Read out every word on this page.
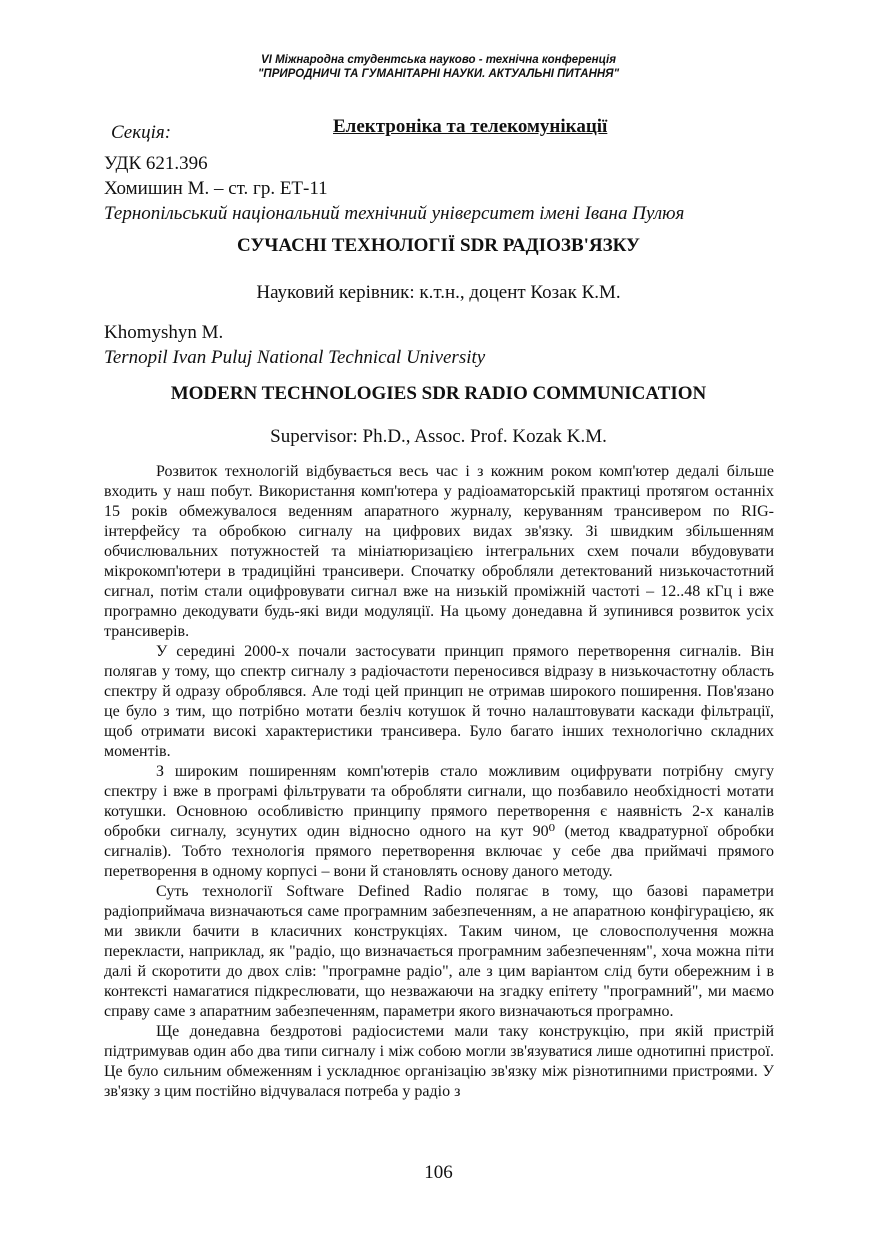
VI Міжнародна студентська науково - технічна конференція
"ПРИРОДНИЧІ ТА ГУМАНІТАРНІ НАУКИ. АКТУАЛЬНІ ПИТАННЯ"
Секція:	Електроніка та телекомунікації
УДК 621.396
Хомишин М. – ст. гр. ЕТ-11
Тернопільський національний технічний університет імені Івана Пулюя
СУЧАСНІ ТЕХНОЛОГІЇ SDR РАДІОЗВ'ЯЗКУ
Науковий керівник: к.т.н., доцент Козак К.М.
Khomyshyn M.
Ternopil Ivan Puluj National Technical University
MODERN TECHNOLOGIES SDR RADIO COMMUNICATION
Supervisor: Ph.D., Assoc. Prof. Kozak K.M.

Розвиток технологій відбувається весь час і з кожним роком комп'ютер дедалі більше входить у наш побут. Використання комп'ютера у радіоаматорській практиці протягом останніх 15 років обмежувалося веденням апаратного журналу, керуванням трансивером по RIG-інтерфейсу та обробкою сигналу на цифрових видах зв'язку. Зі швидким збільшенням обчислювальних потужностей та мініатюризацією інтегральних схем почали вбудовувати мікрокомп'ютери в традиційні трансивери. Спочатку обробляли детектований низькочастотний сигнал, потім стали оцифровувати сигнал вже на низькій проміжній частоті – 12..48 кГц і вже програмно декодувати будь-які види модуляції. На цьому донедавна й зупинився розвиток усіх трансиверів.

У середині 2000-х почали застосувати принцип прямого перетворення сигналів. Він полягав у тому, що спектр сигналу з радіочастоти переносився відразу в низькочастотну область спектру й одразу оброблявся. Але тоді цей принцип не отримав широкого поширення. Пов'язано це було з тим, що потрібно мотати безліч котушок й точно налаштовувати каскади фільтрації, щоб отримати високі характеристики трансивера. Було багато інших технологічно складних моментів.

З широким поширенням комп'ютерів стало можливим оцифрувати потрібну смугу спектру і вже в програмі фільтрувати та обробляти сигнали, що позбавило необхідності мотати котушки. Основною особливістю принципу прямого перетворення є наявність 2-х каналів обробки сигналу, зсунутих один відносно одного на кут 90⁰ (метод квадратурної обробки сигналів). Тобто технологія прямого перетворення включає у себе два приймачі прямого перетворення в одному корпусі – вони й становлять основу даного методу.

Суть технології Software Defined Radio полягає в тому, що базові параметри радіоприймача визначаються саме програмним забезпеченням, а не апаратною конфігурацією, як ми звикли бачити в класичних конструкціях. Таким чином, це словосполучення можна перекласти, наприклад, як "радіо, що визначається програмним забезпеченням", хоча можна піти далі й скоротити до двох слів: "програмне радіо", але з цим варіантом слід бути обережним і в контексті намагатися підкреслювати, що незважаючи на згадку епітету "програмний", ми маємо справу саме з апаратним забезпеченням, параметри якого визначаються програмно.

Ще донедавна бездротові радіосистеми мали таку конструкцію, при якій пристрій підтримував один або два типи сигналу і між собою могли зв'язуватися лише однотипні пристрої. Це було сильним обмеженням і ускладнює організацію зв'язку між різнотипними пристроями. У зв'язку з цим постійно відчувалася потреба у радіо з

106
